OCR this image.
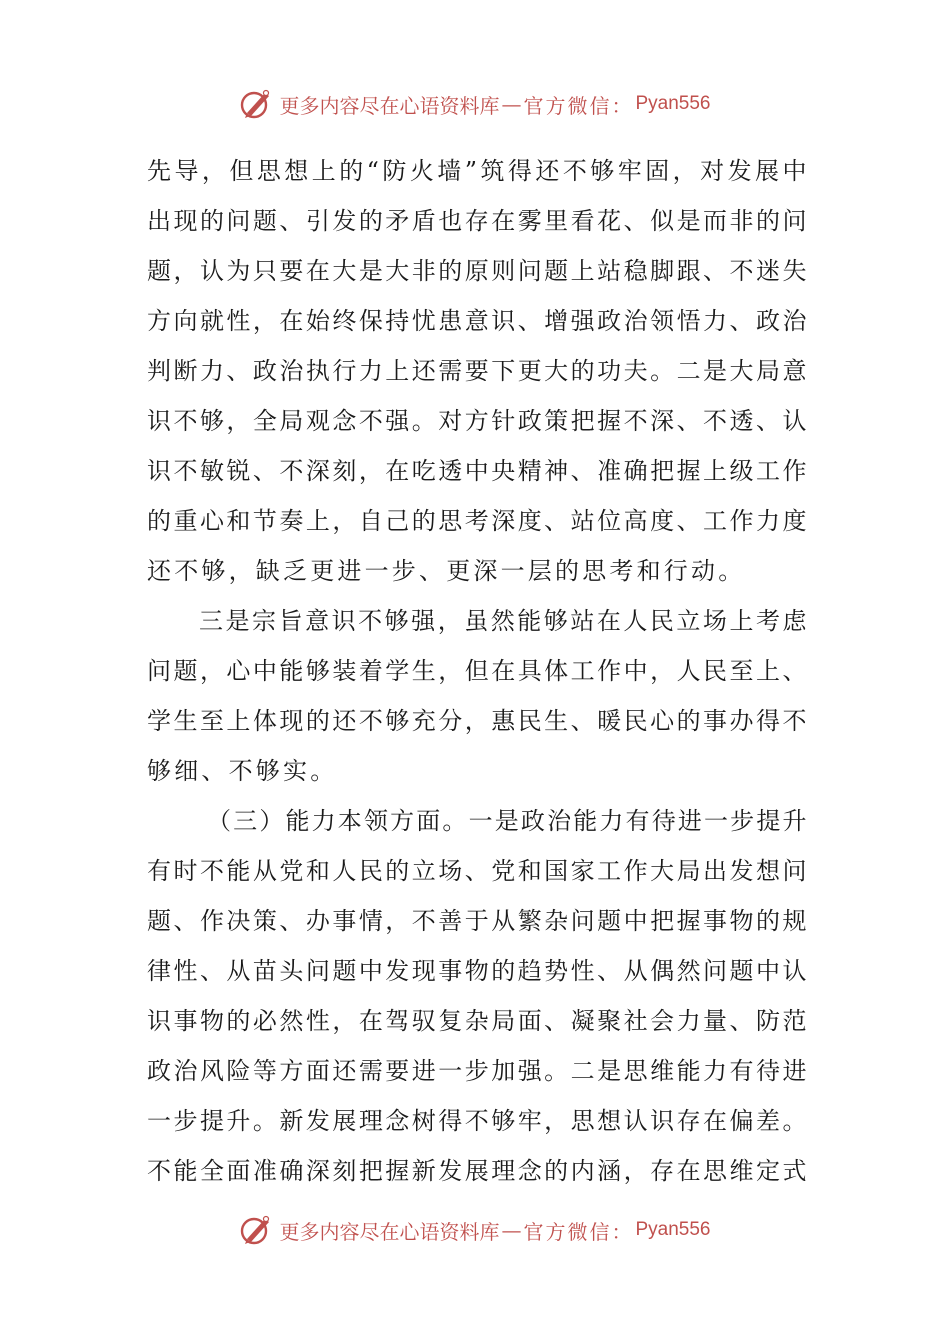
更多内容尽在心语资料库 — 官方微信： Pyan556
先导，但思想上的“防火墙”筑得还不够牢固，对发展中
出现的问题、引发的矛盾也存在雾里看花、似是而非的问
题，认为只要在大是大非的原则问题上站稳脚跟、不迷失
方向就性，在始终保持忧患意识、增强政治领悟力、政治
判断力、政治执行力上还需要下更大的功夫。二是大局意
识不够，全局观念不强。对方针政策把握不深、不透、认
识不敏锐、不深刻，在吃透中央精神、准确把握上级工作
的重心和节奏上，自己的思考深度、站位高度、工作力度
还不够，缺乏更进一步、更深一层的思考和行动。
三是宗旨意识不够强，虽然能够站在人民立场上考虑
问题，心中能够装着学生，但在具体工作中，人民至上、
学生至上体现的还不够充分，惠民生、暖民心的事办得不
够细、不够实。
（三）能力本领方面。一是政治能力有待进一步提升
有时不能从党和人民的立场、党和国家工作大局出发想问
题、作决策、办事情，不善于从繁杂问题中把握事物的规
律性、从苗头问题中发现事物的趋势性、从偶然问题中认
识事物的必然性，在驾驭复杂局面、凝聚社会力量、防范
政治风险等方面还需要进一步加强。二是思维能力有待进
一步提升。新发展理念树得不够牢，思想认识存在偏差。
不能全面准确深刻把握新发展理念的内涵，存在思维定式
更多内容尽在心语资料库 — 官方微信： Pyan556
